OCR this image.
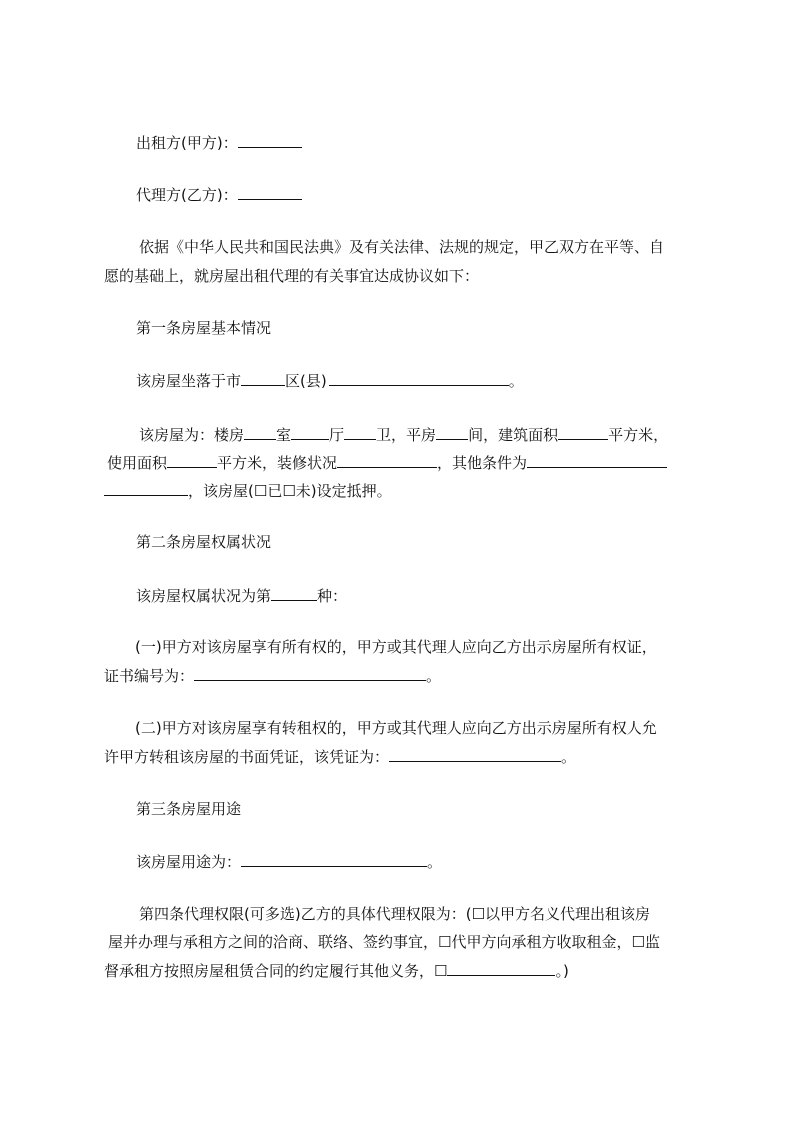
出租方(甲方)：
代理方(乙方)：
依据《中华人民共和国民法典》及有关法律、法规的规定，甲乙双方在平等、自
愿的基础上，就房屋出租代理的有关事宜达成协议如下：
第一条房屋基本情况
该房屋坐落于市	区(县)	。
该房屋为：楼房 室	厅 卫，平房 间，建筑面积	平方米，
使用面积	平方米，装修状况	，其他条件为
，该房屋(☐已☐未)设定抵押。
第二条房屋权属状况
该房屋权属状况为第	种：
(一)甲方对该房屋享有所有权的，甲方或其代理人应向乙方出示房屋所有权证，
证书编号为：	。
(二)甲方对该房屋享有转租权的，甲方或其代理人应向乙方出示房屋所有权人允
许甲方转租该房屋的书面凭证，该凭证为：	。
第三条房屋用途
该房屋用途为：	。
第四条代理权限(可多选)乙方的具体代理权限为：(☐以甲方名义代理出租该房
屋并办理与承租方之间的洽商、联络、签约事宜，☐代甲方向承租方收取租金，☐监
督承租方按照房屋租赁合同的约定履行其他义务，☐	。)
